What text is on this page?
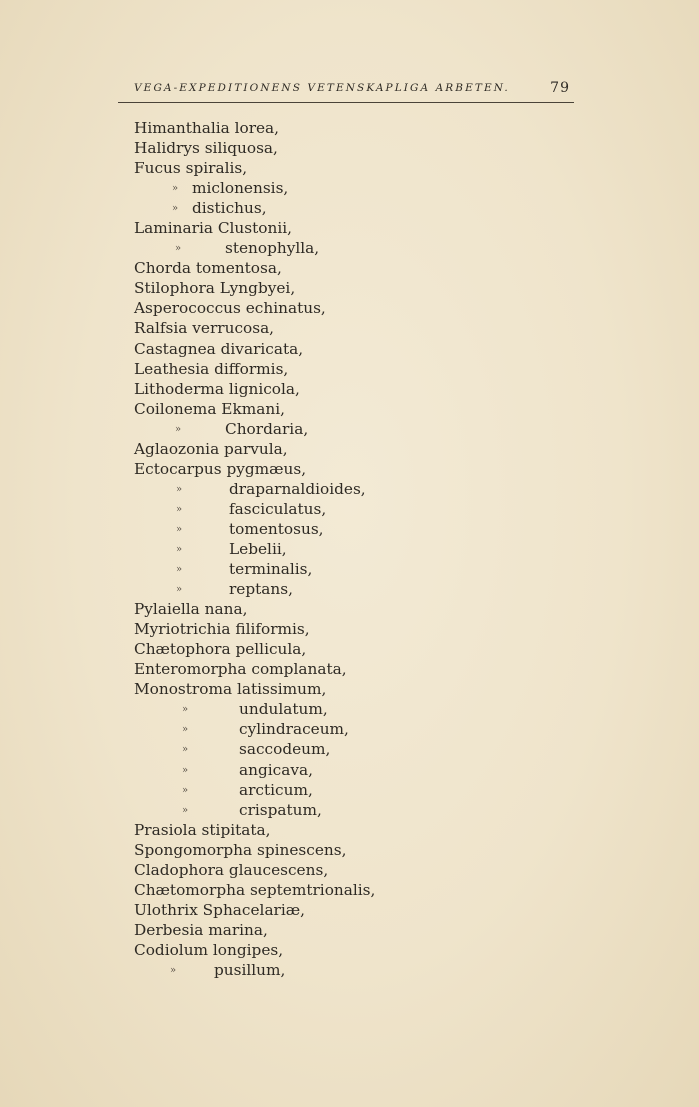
VEGA-EXPEDITIONENS VETENSKAPLIGA ARBETEN.	79
Himanthalia lorea,
Halidrys siliquosa,
Fucus spiralis,
» miclonensis,
» distichus,
Laminaria Clustonii,
»	stenophylla,
Chorda tomentosa,
Stilophora Lyngbyei,
Asperococcus echinatus,
Ralfsia verrucosa,
Castagnea divaricata,
Leathesia difformis,
Lithoderma lignicola,
Coilonema Ekmani,
»	Chordaria,
Aglaozonia parvula,
Ectocarpus pygmæus,
»	draparnaldioides,
»	fasciculatus,
»	tomentosus,
»	Lebelii,
»	terminalis,
»	reptans,
Pylaiella nana,
Myriotrichia filiformis,
Chætophora pellicula,
Enteromorpha complanata,
Monostroma latissimum,
»	undulatum,
»	cylindraceum,
»	saccodeum,
»	angicava,
»	arcticum,
»	crispatum,
Prasiola stipitata,
Spongomorpha spinescens,
Cladophora glaucescens,
Chætomorpha septemtrionalis,
Ulothrix Sphacelariæ,
Derbesia marina,
Codiolum longipes,
» pusillum,
